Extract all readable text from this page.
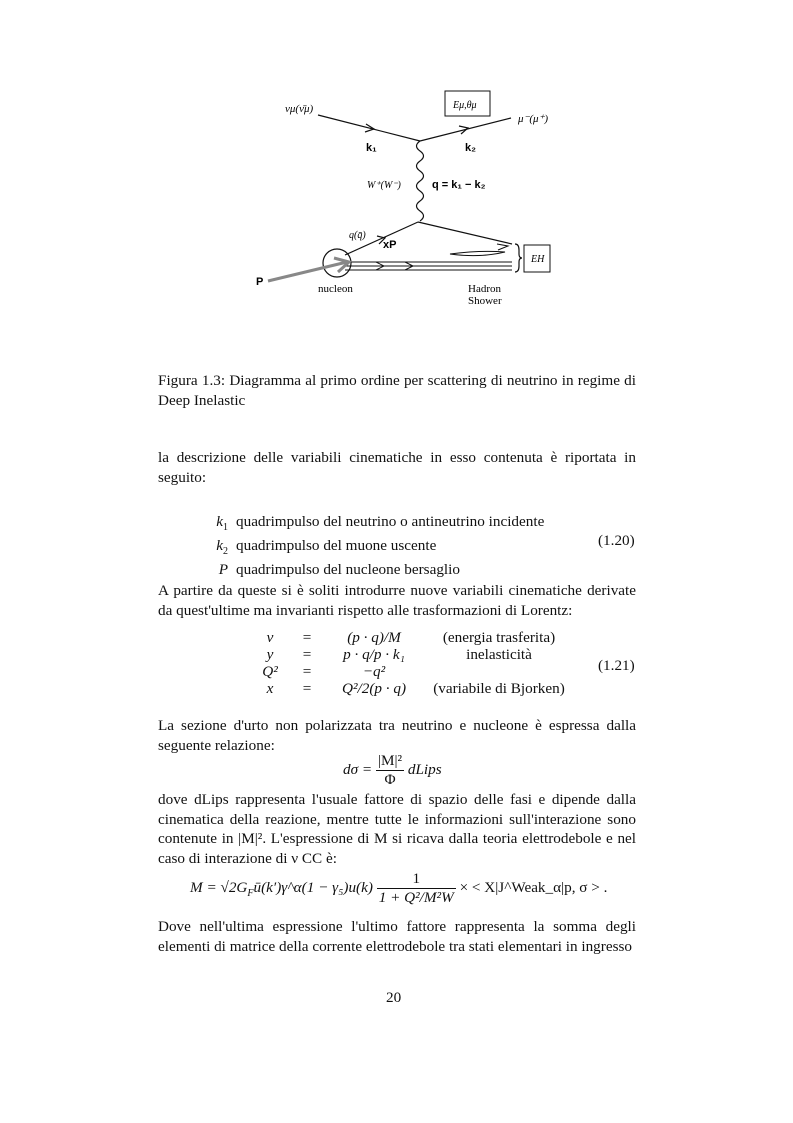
νμ(ν̄μ)
μ⁻(μ⁺)
Eμ,θμ
k₁	k₂
W⁺(W⁻)	q = k₁ − k₂
q(q̄)
xP
P
nucleon	Hadron
Shower
EH
Figura 1.3: Diagramma al primo ordine per scattering di neutrino in regime di Deep Inelastic
la descrizione delle variabili cinematiche in esso contenuta è riportata in seguito:
$k_1$ quadrimpulso del neutrino o antineutrino incidente
$k_2$ quadrimpulso del muone uscente
P quadrimpulso del nucleone bersaglio
(1.20)
A partire da queste si è soliti introdurre nuove variabili cinematiche derivate da quest'ultime ma invarianti rispetto alle trasformazioni di Lorentz:
ν	=	(p · q)/M	(energia trasferita)
y	=	p · q/p · k₁	inelasticità
Q²	=	−q²
x	=	Q²/2(p · q)	(variabile di Bjorken)
(1.21)
La sezione d'urto non polarizzata tra neutrino e nucleone è espressa dalla seguente relazione:
$d\sigma = \frac{\text{|M|²}}{\Phi}$ dLips
dove dLips rappresenta l'usuale fattore di spazio delle fasi e dipende dalla cinematica della reazione, mentre tutte le informazioni sull'interazione sono contenute in |M|². L'espressione di M si ricava dalla teoria elettrodebole e nel caso di interazione di ν CC è:
$M = √2G_Fū(k')\gamma\^{}\alpha(1 - \gamma_5)u(k) \frac{1}{\text{1 + Q²/M²W}}$ × < X|J^Weak_α|p, σ > .
Dove nell'ultima espressione l'ultimo fattore rappresenta la somma degli elementi di matrice della corrente elettrodebole tra stati elementari in ingresso
20
